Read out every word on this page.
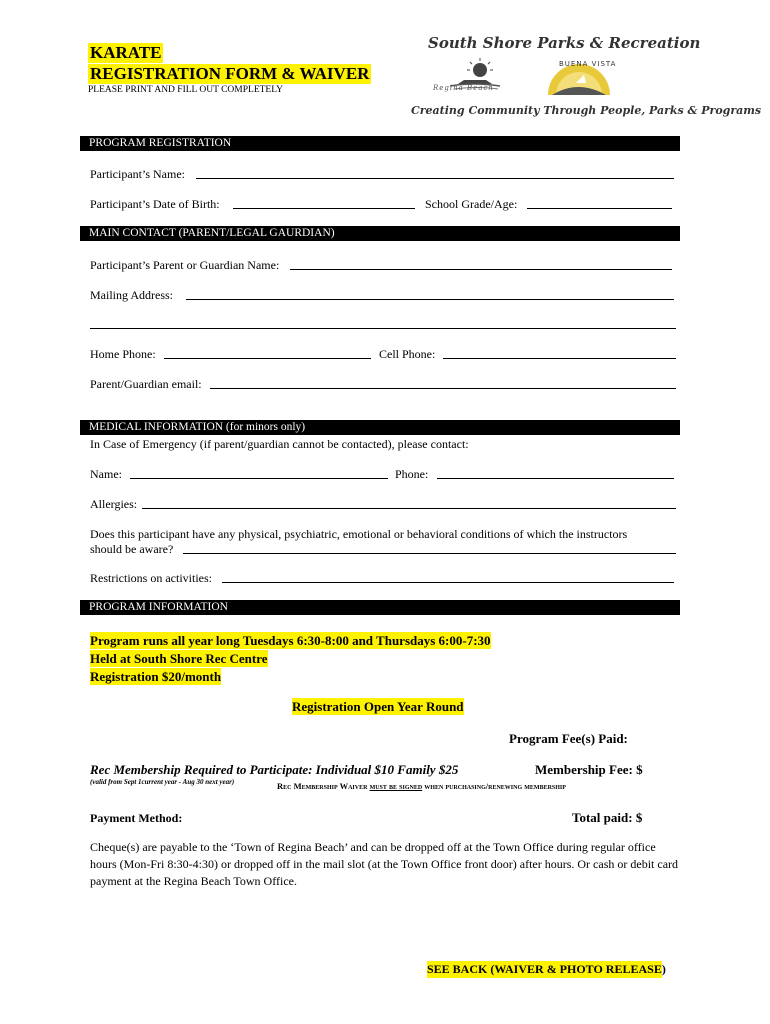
KARATE
REGISTRATION FORM & WAIVER
PLEASE PRINT AND FILL OUT COMPLETELY
South Shore Parks & Recreation
Regina Beach
BUENA VISTA
Creating Community Through People, Parks & Programs
PROGRAM REGISTRATION
Participant’s Name:
Participant’s Date of Birth:	School Grade/Age:
MAIN CONTACT (PARENT/LEGAL GAURDIAN)
Participant’s Parent or Guardian Name:
Mailing Address:
Home Phone:	Cell Phone:
Parent/Guardian email:
MEDICAL INFORMATION (for minors only)
In Case of Emergency (if parent/guardian cannot be contacted), please contact:
Name:	Phone:
Allergies:
Does this participant have any physical, psychiatric, emotional or behavioral conditions of which the instructors
should be aware?
Restrictions on activities:
PROGRAM INFORMATION
Program runs all year long Tuesdays 6:30-8:00 and Thursdays 6:00-7:30
Held at South Shore Rec Centre
Registration $20/month
Registration Open Year Round
Program Fee(s) Paid:
Rec Membership Required to Participate: Individual $10 Family $25	Membership Fee: $
(valid from Sept 1current year - Aug 30 next year)	Rec Membership Waiver must be signed when purchasing/renewing membership
Payment Method:	Total paid: $
Cheque(s) are payable to the ‘Town of Regina Beach’ and can be dropped off at the Town Office during regular office hours (Mon-Fri 8:30-4:30) or dropped off in the mail slot (at the Town Office front door) after hours. Or cash or debit card payment at the Regina Beach Town Office.
SEE BACK (WAIVER & PHOTO RELEASE)
